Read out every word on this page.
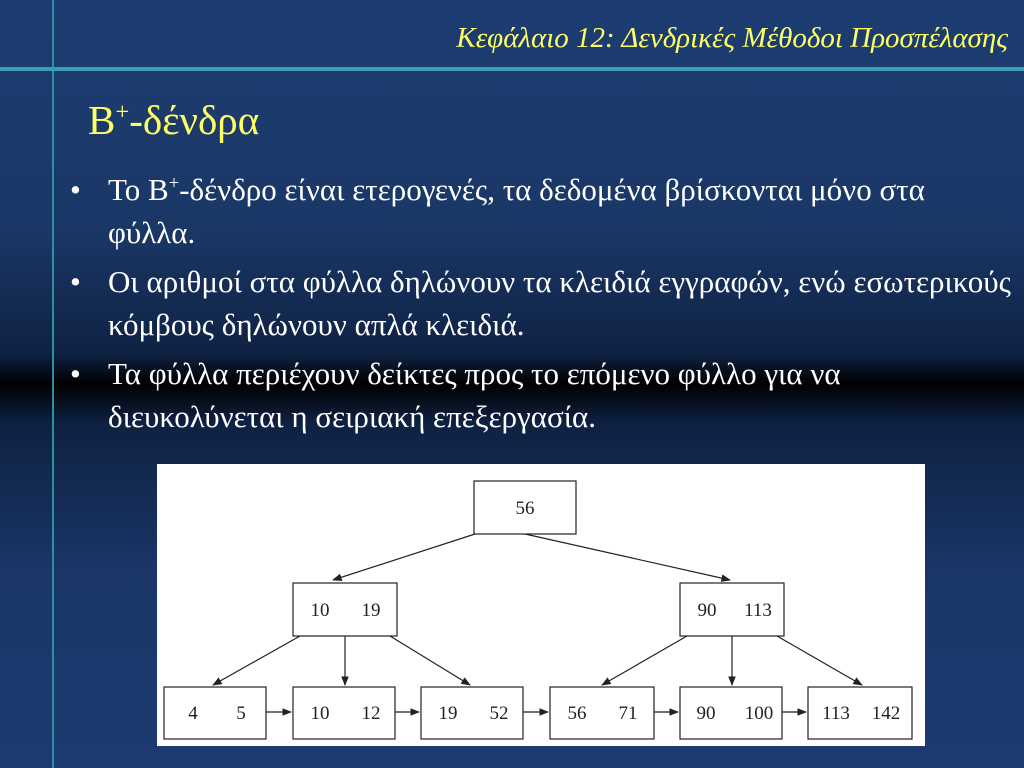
Κεφάλαιο 12: Δενδρικές Μέθοδοι Προσπέλασης
B+-δένδρα
• Το B+-δένδρο είναι ετερογενές, τα δεδομένα βρίσκονται μόνο στα φύλλα.
• Οι αριθμοί στα φύλλα δηλώνουν τα κλειδιά εγγραφών, ενώ εσωτερικούς κόμβους δηλώνουν απλά κλειδιά.
• Τα φύλλα περιέχουν δείκτες προς το επόμενο φύλλο για να διευκολύνεται η σειριακή επεξεργασία.
56
10 19	90 113
4 5	10 12	19 52	56 71	90 100	113 142
